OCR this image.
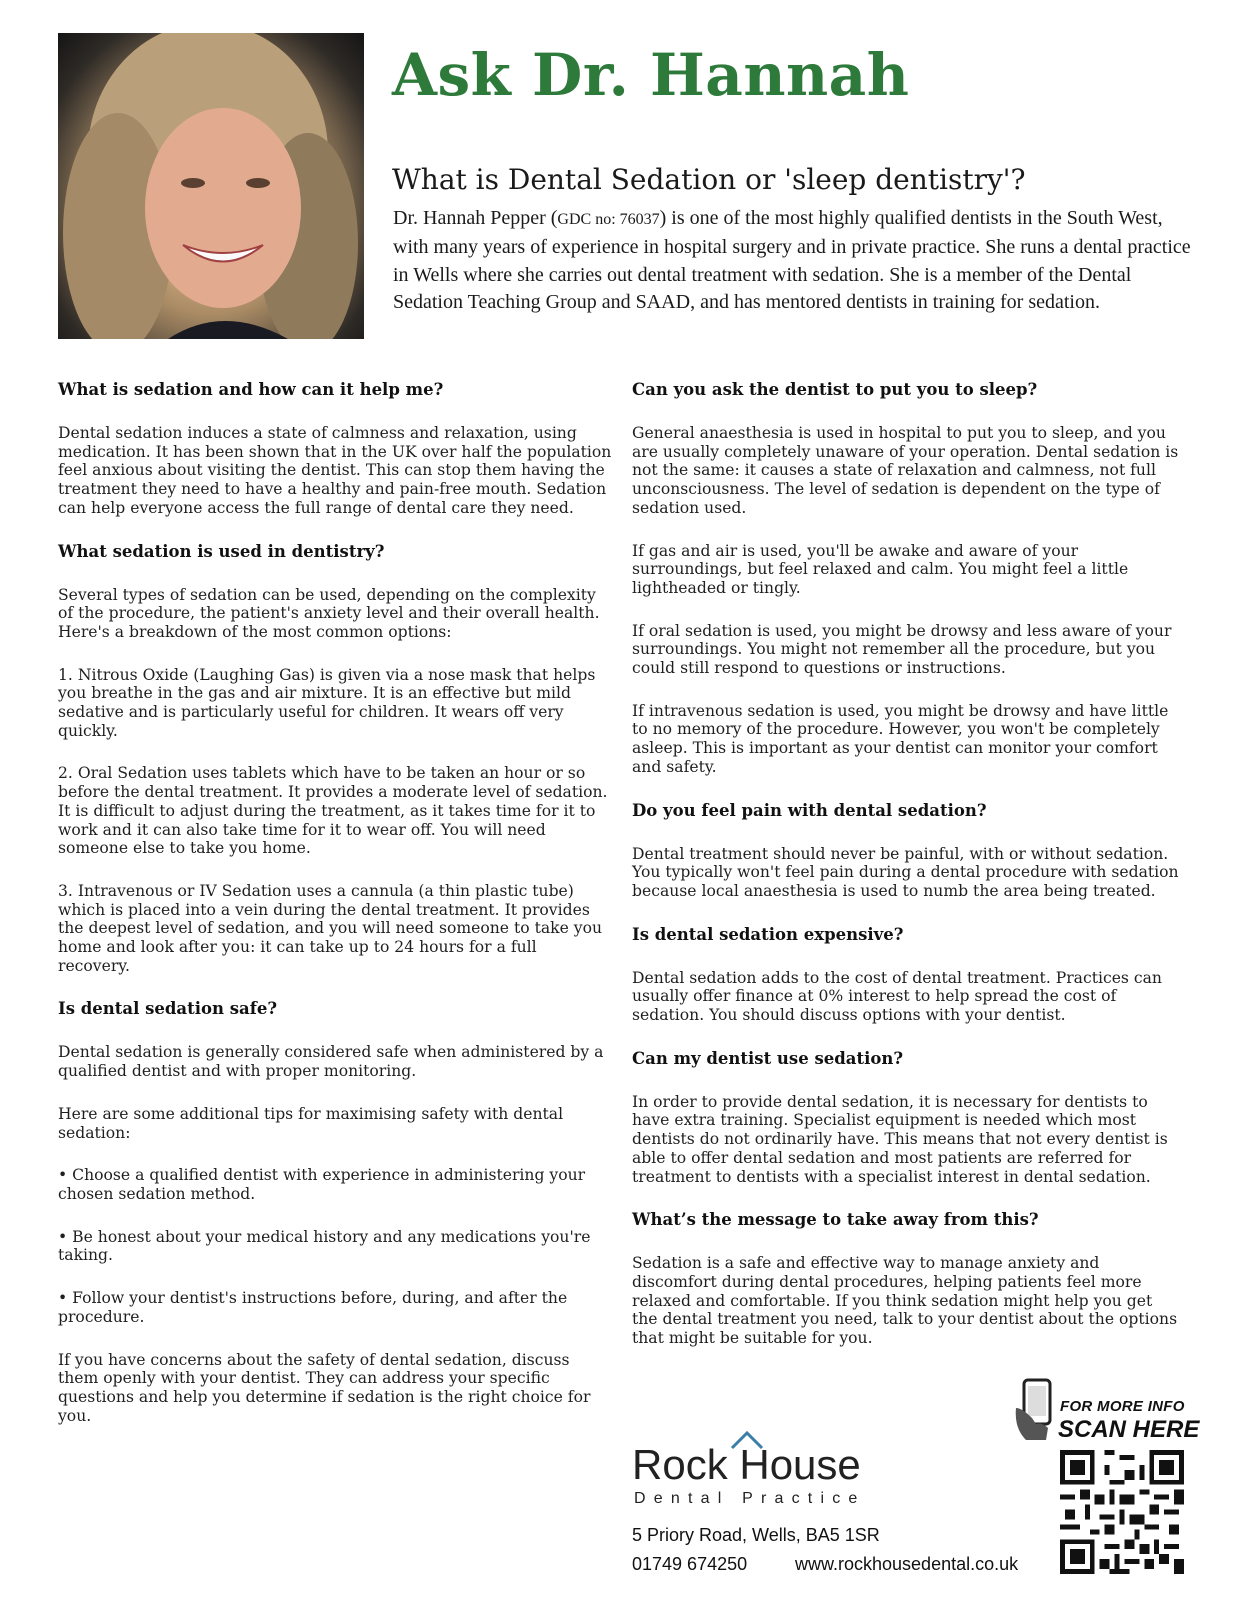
Ask Dr. Hannah
What is Dental Sedation or 'sleep dentistry'?

Dr. Hannah Pepper (GDC no: 76037) is one of the most highly qualified dentists in the South West, with many years of experience in hospital surgery and in private practice. She runs a dental practice in Wells where she carries out dental treatment with sedation. She is a member of the Dental Sedation Teaching Group and SAAD, and has mentored dentists in training for sedation.

What is sedation and how can it help me?

Dental sedation induces a state of calmness and relaxation, using medication. It has been shown that in the UK over half the population feel anxious about visiting the dentist. This can stop them having the treatment they need to have a healthy and pain-free mouth. Sedation can help everyone access the full range of dental care they need.

What sedation is used in dentistry?

Several types of sedation can be used, depending on the complexity of the procedure, the patient's anxiety level and their overall health. Here's a breakdown of the most common options:

1. Nitrous Oxide (Laughing Gas) is given via a nose mask that helps you breathe in the gas and air mixture. It is an effective but mild sedative and is particularly useful for children. It wears off very quickly.

2. Oral Sedation uses tablets which have to be taken an hour or so before the dental treatment. It provides a moderate level of sedation. It is difficult to adjust during the treatment, as it takes time for it to work and it can also take time for it to wear off. You will need someone else to take you home.

3. Intravenous or IV Sedation uses a cannula (a thin plastic tube) which is placed into a vein during the dental treatment. It provides the deepest level of sedation, and you will need someone to take you home and look after you: it can take up to 24 hours for a full recovery.

Is dental sedation safe?

Dental sedation is generally considered safe when administered by a qualified dentist and with proper monitoring.

Here are some additional tips for maximising safety with dental sedation:

• Choose a qualified dentist with experience in administering your chosen sedation method.

• Be honest about your medical history and any medications you're taking.

• Follow your dentist's instructions before, during, and after the procedure.

If you have concerns about the safety of dental sedation, discuss them openly with your dentist. They can address your specific questions and help you determine if sedation is the right choice for you.

Can you ask the dentist to put you to sleep?

General anaesthesia is used in hospital to put you to sleep, and you are usually completely unaware of your operation. Dental sedation is not the same: it causes a state of relaxation and calmness, not full unconsciousness. The level of sedation is dependent on the type of sedation used.

If gas and air is used, you'll be awake and aware of your surroundings, but feel relaxed and calm. You might feel a little lightheaded or tingly.

If oral sedation is used, you might be drowsy and less aware of your surroundings. You might not remember all the procedure, but you could still respond to questions or instructions.

If intravenous sedation is used, you might be drowsy and have little to no memory of the procedure. However, you won't be completely asleep. This is important as your dentist can monitor your comfort and safety.

Do you feel pain with dental sedation?

Dental treatment should never be painful, with or without sedation. You typically won't feel pain during a dental procedure with sedation because local anaesthesia is used to numb the area being treated.

Is dental sedation expensive?

Dental sedation adds to the cost of dental treatment. Practices can usually offer finance at 0% interest to help spread the cost of sedation. You should discuss options with your dentist.

Can my dentist use sedation?

In order to provide dental sedation, it is necessary for dentists to have extra training. Specialist equipment is needed which most dentists do not ordinarily have. This means that not every dentist is able to offer dental sedation and most patients are referred for treatment to dentists with a specialist interest in dental sedation.

What’s the message to take away from this?

Sedation is a safe and effective way to manage anxiety and discomfort during dental procedures, helping patients feel more relaxed and comfortable. If you think sedation might help you get the dental treatment you need, talk to your dentist about the options that might be suitable for you.

Rock House
Dental Practice
5 Priory Road, Wells, BA5 1SR
01749 674250	www.rockhousedental.co.uk
FOR MORE INFO
SCAN HERE
